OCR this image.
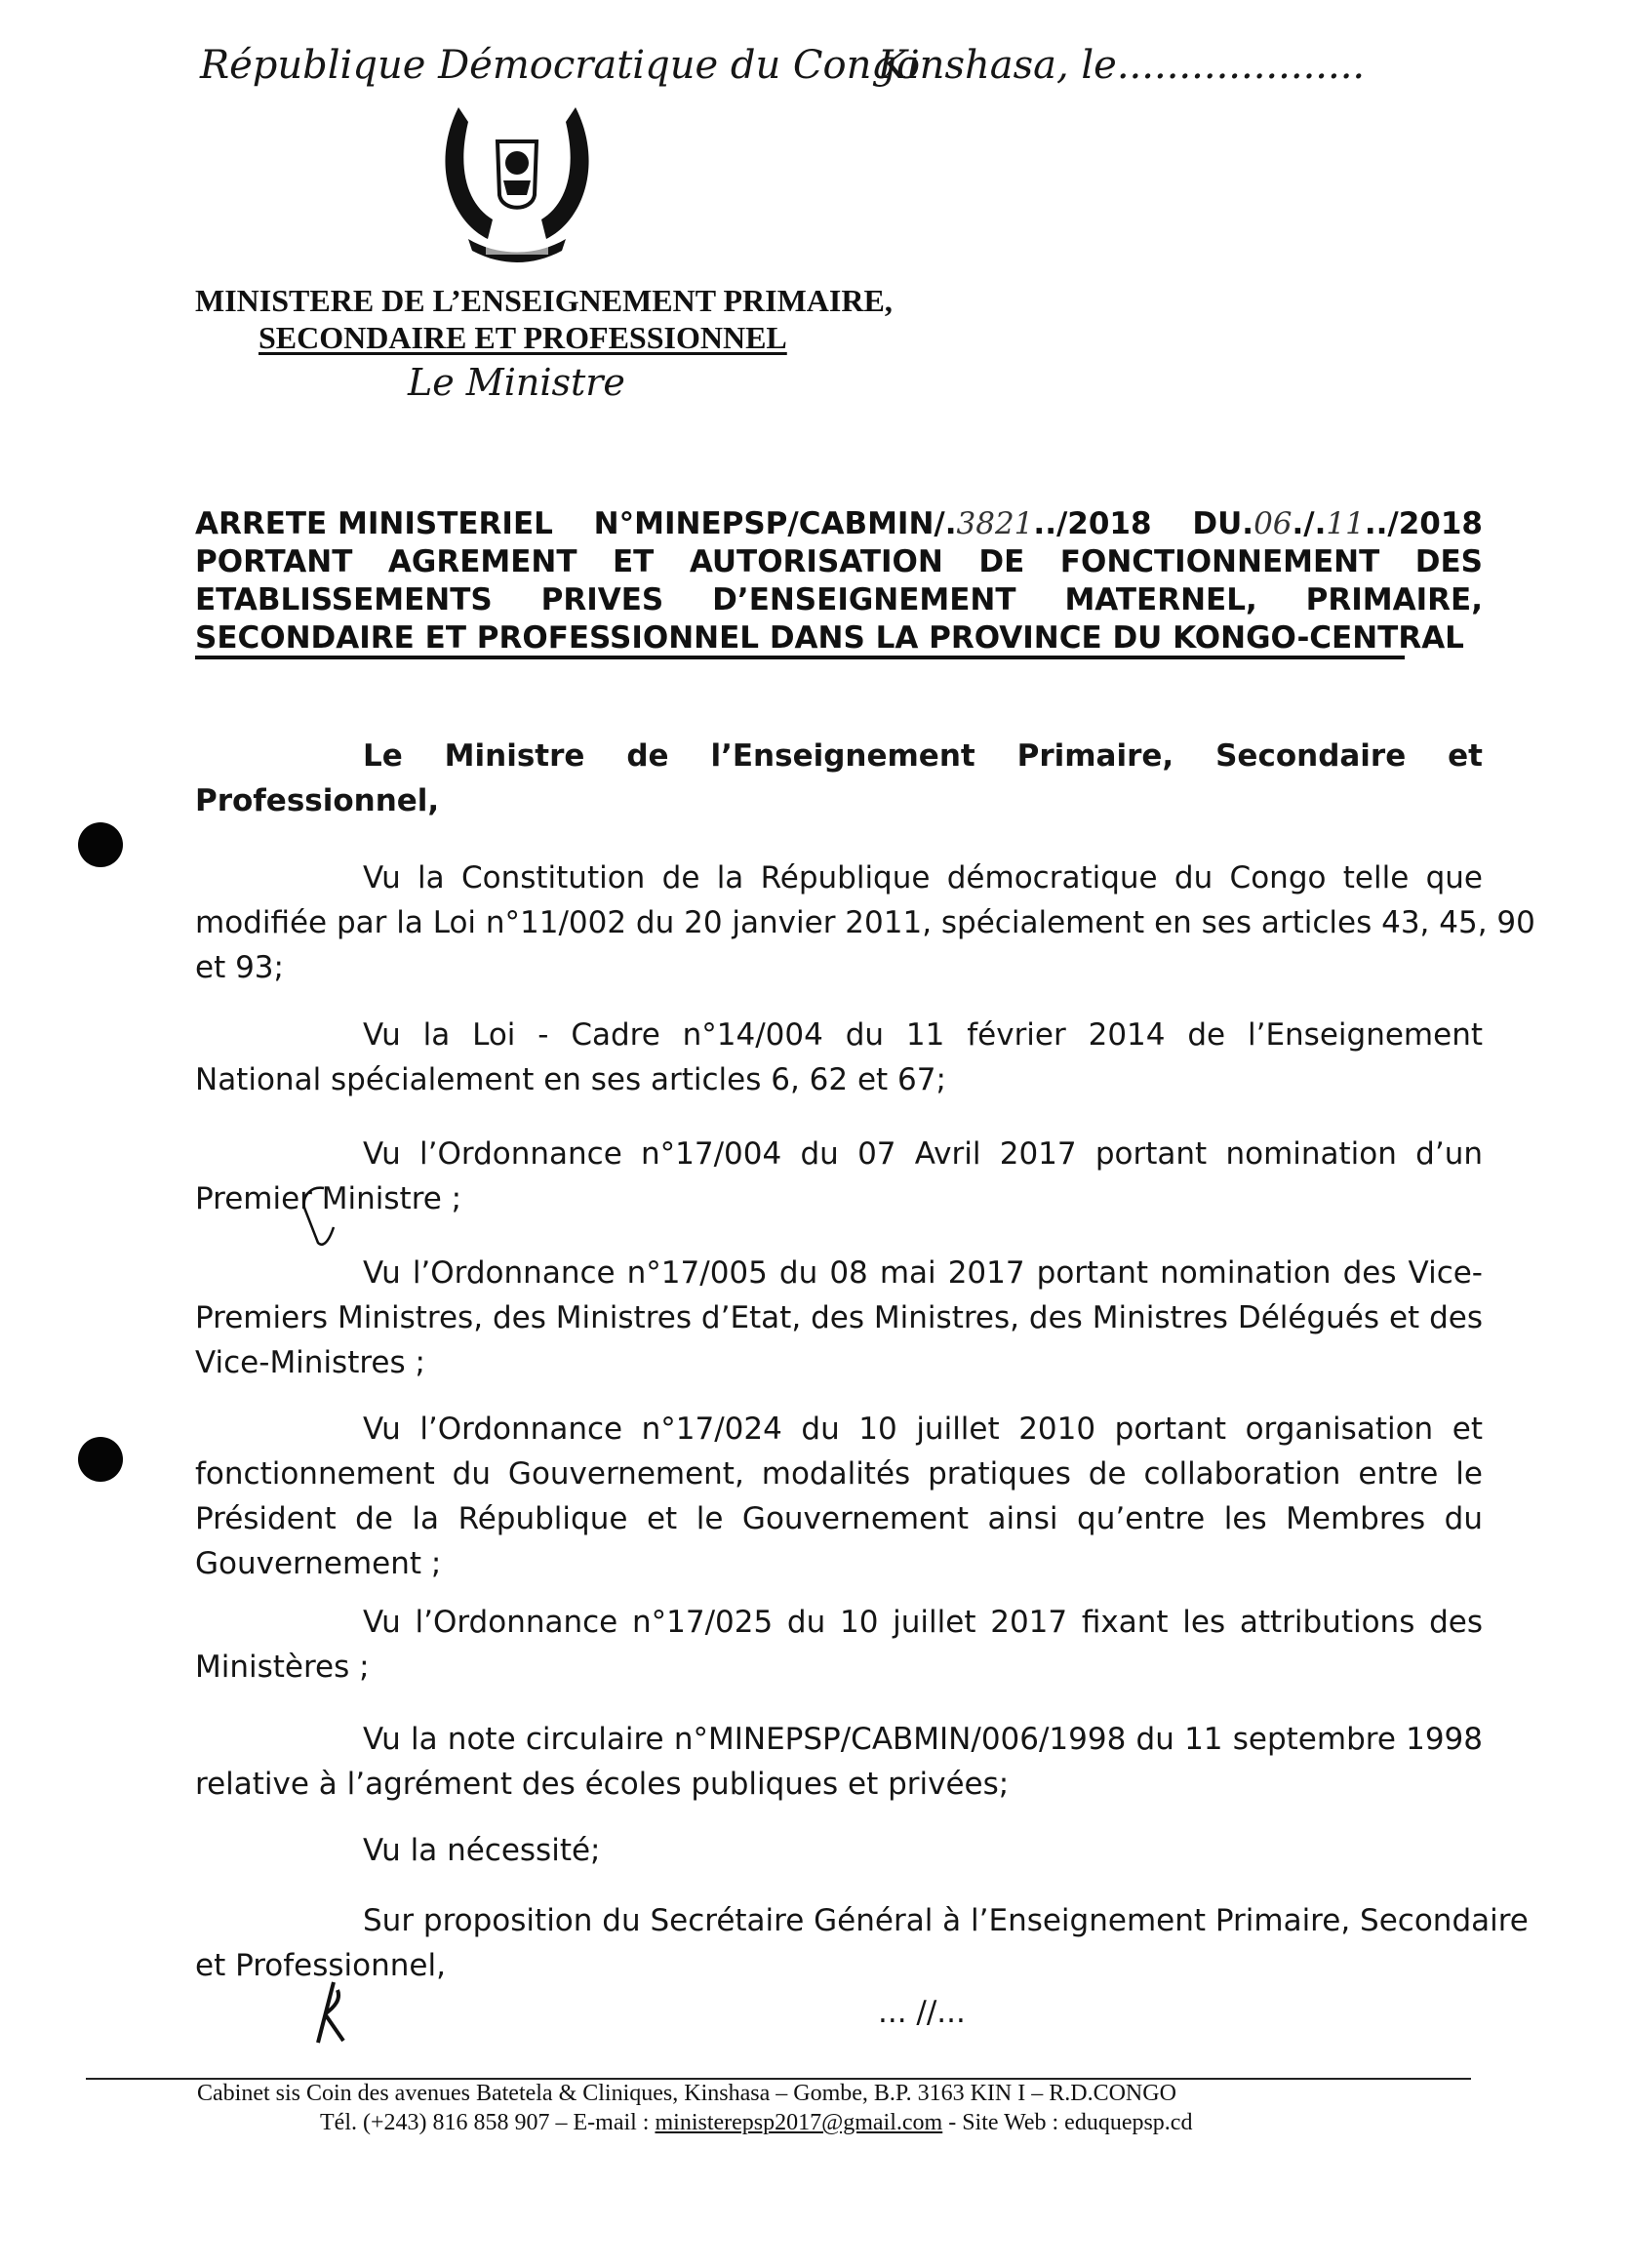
République Démocratique du Congo
Kinshasa, le....................
MINISTERE DE L’ENSEIGNEMENT PRIMAIRE,
SECONDAIRE ET PROFESSIONNEL
Le Ministre
ARRETE MINISTERIEL N°MINEPSP/CABMIN/.3821../2018 DU.06./.11../2018
PORTANT AGREMENT ET AUTORISATION DE FONCTIONNEMENT DES
ETABLISSEMENTS PRIVES D’ENSEIGNEMENT MATERNEL, PRIMAIRE,
SECONDAIRE ET PROFESSIONNEL DANS LA PROVINCE DU KONGO-CENTRAL
Le Ministre de l’Enseignement Primaire, Secondaire et
Professionnel,
Vu la Constitution de la République démocratique du Congo telle que
modifiée par la Loi n°11/002 du 20 janvier 2011, spécialement en ses articles 43, 45, 90
et 93;
Vu la Loi - Cadre n°14/004 du 11 février 2014 de l’Enseignement
National spécialement en ses articles 6, 62 et 67;
Vu l’Ordonnance n°17/004 du 07 Avril 2017 portant nomination d’un
Premier Ministre ;
Vu l’Ordonnance n°17/005 du 08 mai 2017 portant nomination des Vice-
Premiers Ministres, des Ministres d’Etat, des Ministres, des Ministres Délégués et des
Vice-Ministres ;
Vu l’Ordonnance n°17/024 du 10 juillet 2010 portant organisation et
fonctionnement du Gouvernement, modalités pratiques de collaboration entre le
Président de la République et le Gouvernement ainsi qu’entre les Membres du
Gouvernement ;
Vu l’Ordonnance n°17/025 du 10 juillet 2017 fixant les attributions des
Ministères ;
Vu la note circulaire n°MINEPSP/CABMIN/006/1998 du 11 septembre 1998
relative à l’agrément des écoles publiques et privées;
Vu la nécessité;
Sur proposition du Secrétaire Général à l’Enseignement Primaire, Secondaire
et Professionnel,
... //...
Cabinet sis Coin des avenues Batetela & Cliniques, Kinshasa – Gombe, B.P. 3163 KIN I – R.D.CONGO
Tél. (+243) 816 858 907 – E-mail : ministerepsp2017@gmail.com - Site Web : eduquepsp.cd
